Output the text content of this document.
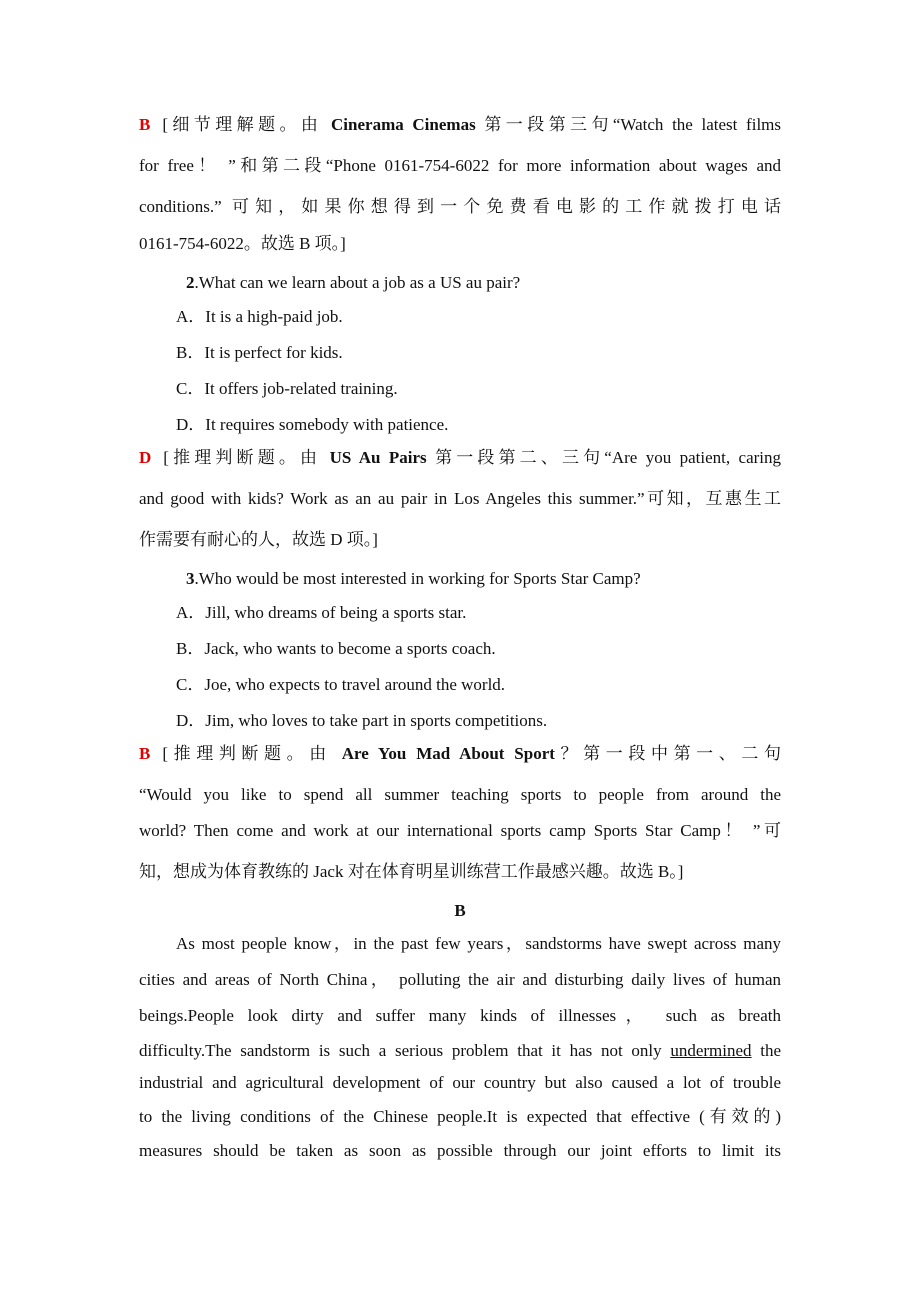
B [细节理解题。由 Cinerama Cinemas 第一段第三句“Watch the latest films
for free！ ”和第二段“Phone 0161-754-6022 for more information about wages and
conditions.” 可知，如果你想得到一个免费看电影的工作就拨打电话
0161-754-6022。故选 B 项。]
2.What can we learn about a job as a US au pair?
A．It is a high‐paid job.
B．It is perfect for kids.
C．It offers job‐related training.
D．It requires somebody with patience.
D [推理判断题。由 US Au Pairs 第一段第二、三句“Are you patient, caring
and good with kids? Work as an au pair in Los Angeles this summer.”可知，互惠生工
作需要有耐心的人，故选 D 项。]
3.Who would be most interested in working for Sports Star Camp?
A．Jill, who dreams of being a sports star.
B．Jack, who wants to become a sports coach.
C．Joe, who expects to travel around the world.
D．Jim, who loves to take part in sports competitions.
B [推理判断题。由 Are You Mad About Sport？第一段中第一、二句
“Would you like to spend all summer teaching sports to people from around the
world? Then come and work at our international sports camp Sports Star Camp！ ”可
知，想成为体育教练的 Jack 对在体育明星训练营工作最感兴趣。故选 B。]
B
As most people know，in the past few years，sandstorms have swept across many
cities and areas of North China， polluting the air and disturbing daily lives of human
beings.People look dirty and suffer many kinds of illnesses， such as breath
difficulty.The sandstorm is such a serious problem that it has not only undermined the
industrial and agricultural development of our country but also caused a lot of trouble
to the living conditions of the Chinese people.It is expected that effective (有效的)
measures should be taken as soon as possible through our joint efforts to limit its
